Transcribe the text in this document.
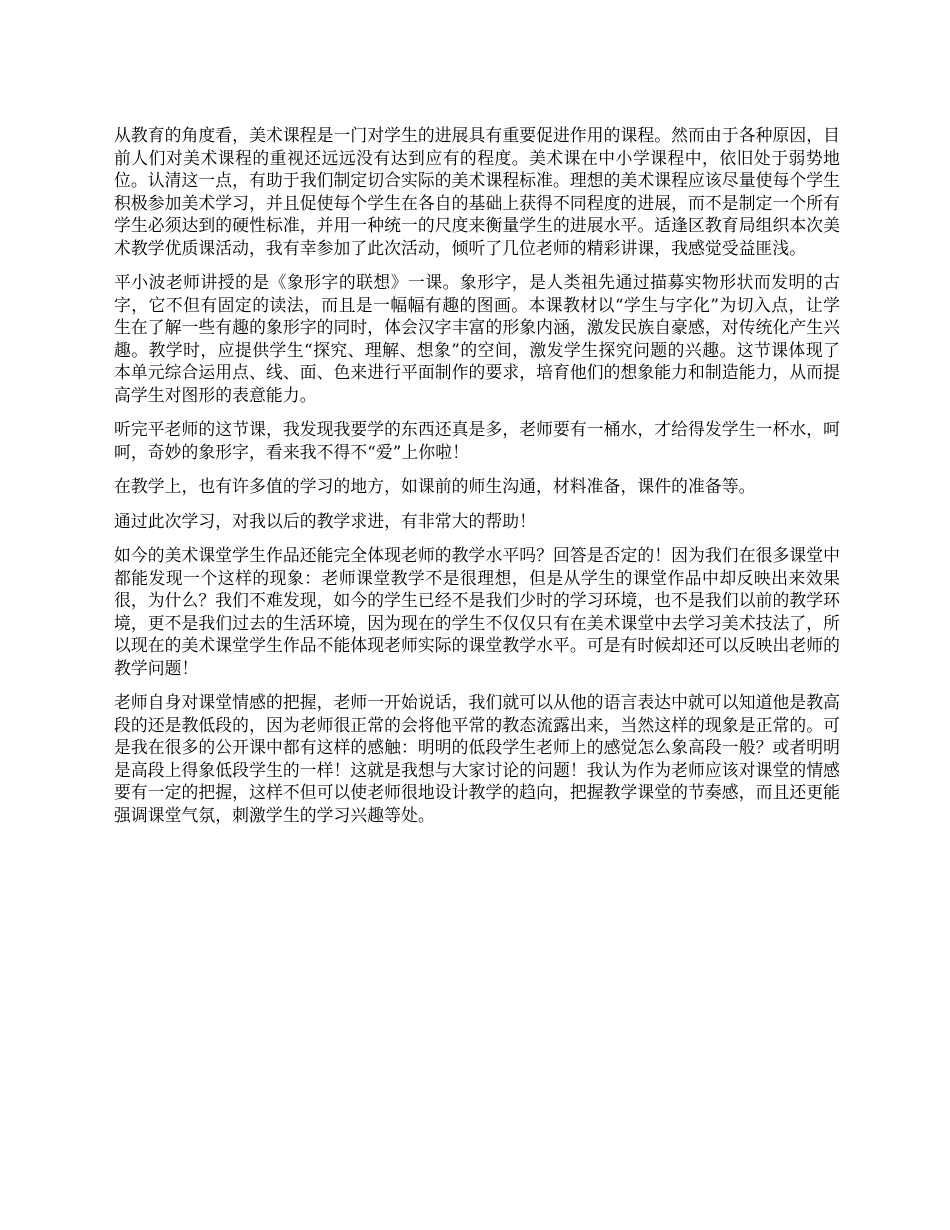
从教育的角度看，美术课程是一门对学生的进展具有重要促进作用的课程。然而由于各种原因，目前人们对美术课程的重视还远远没有达到应有的程度。美术课在中小学课程中，依旧处于弱势地位。认清这一点，有助于我们制定切合实际的美术课程标准。理想的美术课程应该尽量使每个学生积极参加美术学习，并且促使每个学生在各自的基础上获得不同程度的进展，而不是制定一个所有学生必须达到的硬性标准，并用一种统一的尺度来衡量学生的进展水平。适逢区教育局组织本次美术教学优质课活动，我有幸参加了此次活动，倾听了几位老师的精彩讲课，我感觉受益匪浅。

平小波老师讲授的是《象形字的联想》一课。象形字，是人类祖先通过描募实物形状而发明的古字，它不但有固定的读法，而且是一幅幅有趣的图画。本课教材以“学生与字化”为切入点，让学生在了解一些有趣的象形字的同时，体会汉字丰富的形象内涵，激发民族自豪感，对传统化产生兴趣。教学时，应提供学生“探究、理解、想象”的空间，激发学生探究问题的兴趣。这节课体现了本单元综合运用点、线、面、色来进行平面制作的要求，培育他们的想象能力和制造能力，从而提高学生对图形的表意能力。

听完平老师的这节课，我发现我要学的东西还真是多，老师要有一桶水，才给得发学生一杯水，呵呵，奇妙的象形字，看来我不得不“爱”上你啦！

在教学上，也有许多值的学习的地方，如课前的师生沟通，材料准备，课件的准备等。

通过此次学习，对我以后的教学求进，有非常大的帮助！

如今的美术课堂学生作品还能完全体现老师的教学水平吗？回答是否定的！因为我们在很多课堂中都能发现一个这样的现象：老师课堂教学不是很理想，但是从学生的课堂作品中却反映出来效果很，为什么？我们不难发现，如今的学生已经不是我们少时的学习环境，也不是我们以前的教学环境，更不是我们过去的生活环境，因为现在的学生不仅仅只有在美术课堂中去学习美术技法了，所以现在的美术课堂学生作品不能体现老师实际的课堂教学水平。可是有时候却还可以反映出老师的教学问题！

老师自身对课堂情感的把握，老师一开始说话，我们就可以从他的语言表达中就可以知道他是教高段的还是教低段的，因为老师很正常的会将他平常的教态流露出来，当然这样的现象是正常的。可是我在很多的公开课中都有这样的感触：明明的低段学生老师上的感觉怎么象高段一般？或者明明是高段上得象低段学生的一样！这就是我想与大家讨论的问题！我认为作为老师应该对课堂的情感要有一定的把握，这样不但可以使老师很地设计教学的趋向，把握教学课堂的节奏感，而且还更能强调课堂气氛，刺激学生的学习兴趣等处。
